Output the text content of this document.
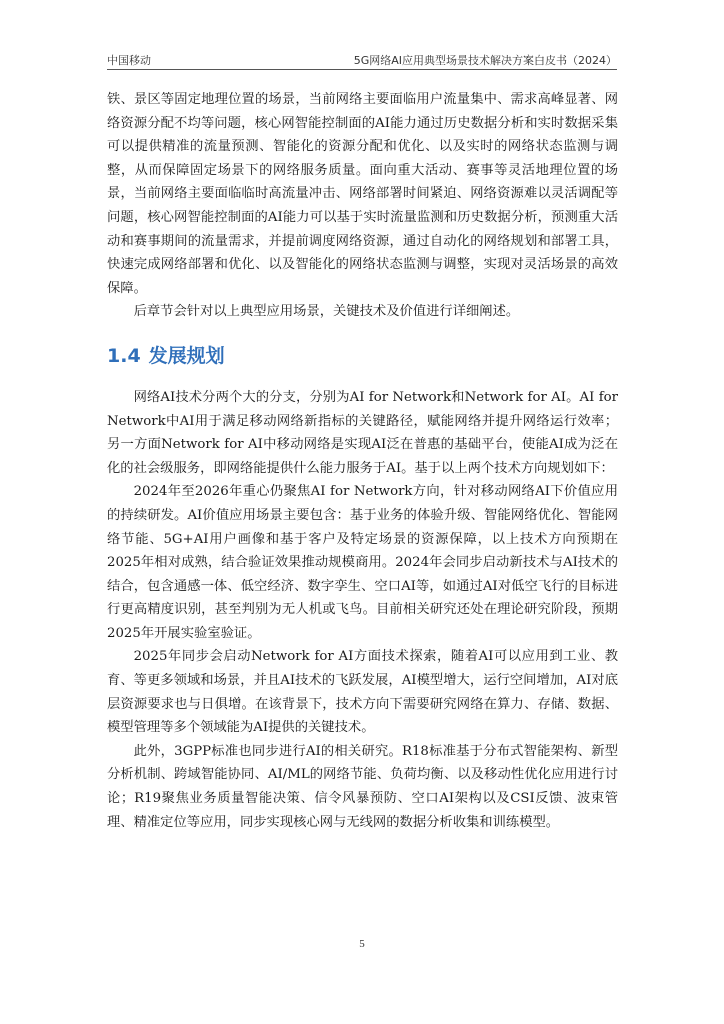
中国移动	5G网络AI应用典型场景技术解决方案白皮书（2024）

铁、景区等固定地理位置的场景，当前网络主要面临用户流量集中、需求高峰显著、网络资源分配不均等问题，核心网智能控制面的AI能力通过历史数据分析和实时数据采集可以提供精准的流量预测、智能化的资源分配和优化、以及实时的网络状态监测与调整，从而保障固定场景下的网络服务质量。面向重大活动、赛事等灵活地理位置的场景，当前网络主要面临临时高流量冲击、网络部署时间紧迫、网络资源难以灵活调配等问题，核心网智能控制面的AI能力可以基于实时流量监测和历史数据分析，预测重大活动和赛事期间的流量需求，并提前调度网络资源，通过自动化的网络规划和部署工具，快速完成网络部署和优化、以及智能化的网络状态监测与调整，实现对灵活场景的高效保障。

后章节会针对以上典型应用场景，关键技术及价值进行详细阐述。

1.4 发展规划

网络AI技术分两个大的分支，分别为AI for Network和Network for AI。AI for Network中AI用于满足移动网络新指标的关键路径，赋能网络并提升网络运行效率；另一方面Network for AI中移动网络是实现AI泛在普惠的基础平台，使能AI成为泛在化的社会级服务，即网络能提供什么能力服务于AI。基于以上两个技术方向规划如下：

2024年至2026年重心仍聚焦AI for Network方向，针对移动网络AI下价值应用的持续研发。AI价值应用场景主要包含：基于业务的体验升级、智能网络优化、智能网络节能、5G+AI用户画像和基于客户及特定场景的资源保障，以上技术方向预期在2025年相对成熟，结合验证效果推动规模商用。2024年会同步启动新技术与AI技术的结合，包含通感一体、低空经济、数字孪生、空口AI等，如通过AI对低空飞行的目标进行更高精度识别，甚至判别为无人机或飞鸟。目前相关研究还处在理论研究阶段，预期2025年开展实验室验证。

2025年同步会启动Network for AI方面技术探索，随着AI可以应用到工业、教育、等更多领域和场景，并且AI技术的飞跃发展，AI模型增大，运行空间增加，AI对底层资源要求也与日俱增。在该背景下，技术方向下需要研究网络在算力、存储、数据、模型管理等多个领域能为AI提供的关键技术。

此外，3GPP标准也同步进行AI的相关研究。R18标准基于分布式智能架构、新型分析机制、跨域智能协同、AI/ML的网络节能、负荷均衡、以及移动性优化应用进行讨论；R19聚焦业务质量智能决策、信令风暴预防、空口AI架构以及CSI反馈、波束管理、精准定位等应用，同步实现核心网与无线网的数据分析收集和训练模型。

5
